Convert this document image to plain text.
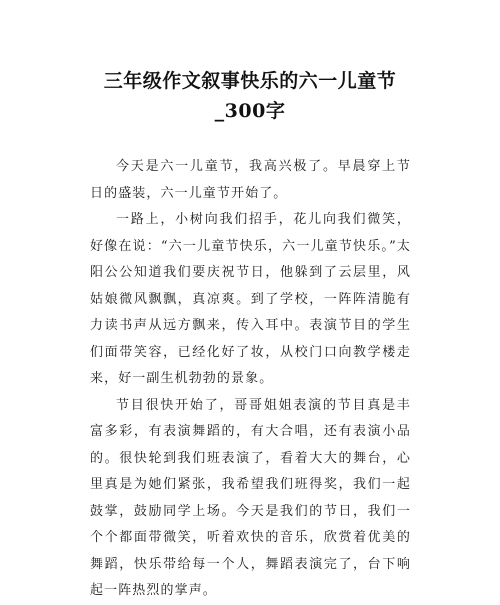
三年级作文叙事快乐的六一儿童节_300字

今天是六一儿童节，我高兴极了。早晨穿上节日的盛装，六一儿童节开始了。

一路上，小树向我们招手，花儿向我们微笑，好像在说：“六一儿童节快乐，六一儿童节快乐。”太阳公公知道我们要庆祝节日，他躲到了云层里，风姑娘微风飘飘，真凉爽。到了学校，一阵阵清脆有力读书声从远方飘来，传入耳中。表演节目的学生们面带笑容，已经化好了妆，从校门口向教学楼走来，好一副生机勃勃的景象。

节目很快开始了，哥哥姐姐表演的节目真是丰富多彩，有表演舞蹈的，有大合唱，还有表演小品的。很快轮到我们班表演了，看着大大的舞台，心里真是为她们紧张，我希望我们班得奖，我们一起鼓掌，鼓励同学上场。今天是我们的节日，我们一个个都面带微笑，听着欢快的音乐，欣赏着优美的舞蹈，快乐带给每一个人，舞蹈表演完了，台下响起一阵热烈的掌声。
